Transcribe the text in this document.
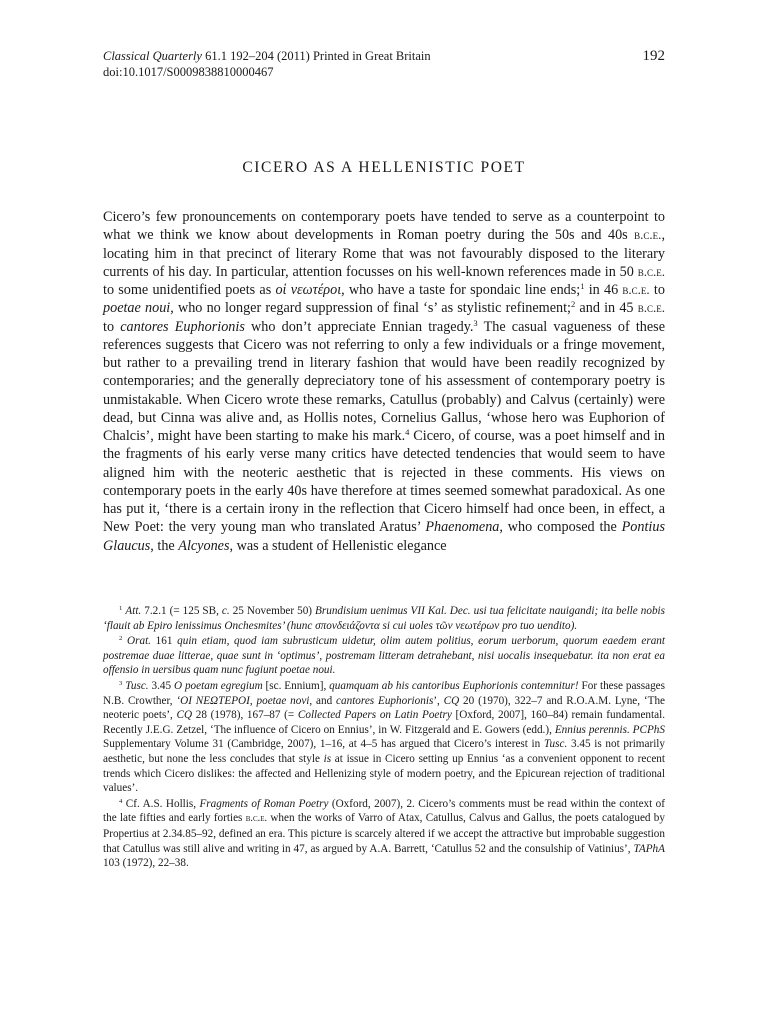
Classical Quarterly 61.1 192–204 (2011) Printed in Great Britain
doi:10.1017/S0009838810000467
192
CICERO AS A HELLENISTIC POET

Cicero’s few pronouncements on contemporary poets have tended to serve as a counterpoint to what we think we know about developments in Roman poetry during the 50s and 40s b.c.e., locating him in that precinct of literary Rome that was not favourably disposed to the literary currents of his day. In particular, attention focusses on his well-known references made in 50 b.c.e. to some unidentified poets as οἱ νεωτέροι, who have a taste for spondaic line ends;$^1$ in 46 b.c.e. to poetae noui, who no longer regard suppression of final ‘s’ as stylistic refinement;$^2$ and in 45 b.c.e. to cantores Euphorionis who don’t appreciate Ennian tragedy.$^3$ The casual vagueness of these references suggests that Cicero was not referring to only a few individuals or a fringe movement, but rather to a prevailing trend in literary fashion that would have been readily recognized by contemporaries; and the generally depreciatory tone of his assessment of contemporary poetry is unmistakable. When Cicero wrote these remarks, Catullus (probably) and Calvus (certainly) were dead, but Cinna was alive and, as Hollis notes, Cornelius Gallus, ‘whose hero was Euphorion of Chalcis’, might have been starting to make his mark.$^4$ Cicero, of course, was a poet himself and in the fragments of his early verse many critics have detected tendencies that would seem to have aligned him with the neoteric aesthetic that is rejected in these comments. His views on contemporary poets in the early 40s have therefore at times seemed somewhat paradoxical. As one has put it, ‘there is a certain irony in the reflection that Cicero himself had once been, in effect, a New Poet: the very young man who translated Aratus’ Phaenomena, who composed the Pontius Glaucus, the Alcyones, was a student of Hellenistic elegance

$^1$ Att. 7.2.1 (= 125 SB, c. 25 November 50) Brundisium uenimus VII Kal. Dec. usi tua felicitate nauigandi; ita belle nobis ‘flauit ab Epiro lenissimus Onchesmites’ (hunc σπονδειάζοντα si cui uoles τῶν νεωτέρων pro tuo uendito).

$^2$ Orat. 161 quin etiam, quod iam subrusticum uidetur, olim autem politius, eorum uerborum, quorum eaedem erant postremae duae litterae, quae sunt in ‘optimus’, postremam litteram detrahebant, nisi uocalis insequebatur. ita non erat ea offensio in uersibus quam nunc fugiunt poetae noui.

$^3$ Tusc. 3.45 O poetam egregium [sc. Ennium], quamquam ab his cantoribus Euphorionis contemnitur! For these passages N.B. Crowther, ‘ΟΙ ΝΕΩΤΕΡΟΙ, poetae novi, and cantores Euphorionis’, CQ 20 (1970), 322–7 and R.O.A.M. Lyne, ‘The neoteric poets’, CQ 28 (1978), 167–87 (= Collected Papers on Latin Poetry [Oxford, 2007], 160–84) remain fundamental. Recently J.E.G. Zetzel, ‘The influence of Cicero on Ennius’, in W. Fitzgerald and E. Gowers (edd.), Ennius perennis. PCPhS Supplementary Volume 31 (Cambridge, 2007), 1–16, at 4–5 has argued that Cicero’s interest in Tusc. 3.45 is not primarily aesthetic, but none the less concludes that style is at issue in Cicero setting up Ennius ‘as a convenient opponent to recent trends which Cicero dislikes: the affected and Hellenizing style of modern poetry, and the Epicurean rejection of traditional values’.

$^4$ Cf. A.S. Hollis, Fragments of Roman Poetry (Oxford, 2007), 2. Cicero’s comments must be read within the context of the late fifties and early forties b.c.e. when the works of Varro of Atax, Catullus, Calvus and Gallus, the poets catalogued by Propertius at 2.34.85–92, defined an era. This picture is scarcely altered if we accept the attractive but improbable suggestion that Catullus was still alive and writing in 47, as argued by A.A. Barrett, ‘Catullus 52 and the consulship of Vatinius’, TAPhA 103 (1972), 22–38.
